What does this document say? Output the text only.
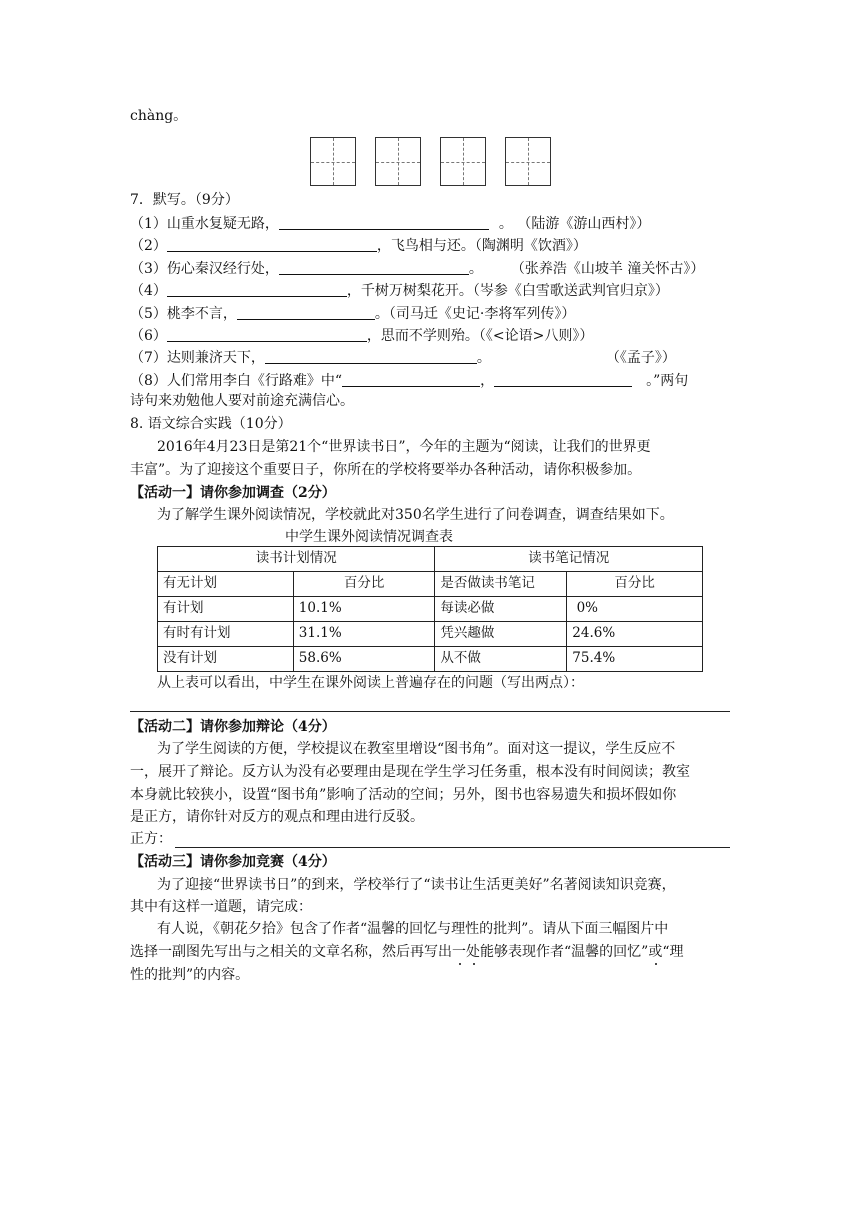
chàng。
7．默写。（9分）
（1）山重水复疑无路，	。 （陆游《游山西村》）
（2）	，飞鸟相与还。（陶渊明《饮酒》）
（3）伤心秦汉经行处，	。 （张养浩《山坡羊 潼关怀古》）
（4）	，千树万树梨花开。（岑参《白雪歌送武判官归京》）
（5）桃李不言，	。（司马迁《史记·李将军列传》）
（6）	，思而不学则殆。（《<论语>八则》）
（7）达则兼济天下，	。	（《孟子》）
（8）人们常用李白《行路难》中“	，	。”两句
诗句来劝勉他人要对前途充满信心。
8. 语文综合实践（10分）
2016年4月23日是第21个“世界读书日”，今年的主题为“阅读，让我们的世界更
丰富”。为了迎接这个重要日子，你所在的学校将要举办各种活动，请你积极参加。
【活动一】请你参加调查（2分）
为了解学生课外阅读情况，学校就此对350名学生进行了问卷调查，调查结果如下。
中学生课外阅读情况调查表
读书计划情况		读书笔记情况	
有无计划	百分比	是否做读书笔记	百分比
有计划	10.1%	每读必做	0%
有时有计划	31.1%	凭兴趣做	24.6%
没有计划	58.6%	从不做	75.4%
从上表可以看出，中学生在课外阅读上普遍存在的问题（写出两点）：
【活动二】请你参加辩论（4分）
为了学生阅读的方便，学校提议在教室里增设“图书角”。面对这一提议，学生反应不
一，展开了辩论。反方认为没有必要理由是现在学生学习任务重，根本没有时间阅读；教室
本身就比较狭小，设置“图书角”影响了活动的空间；另外，图书也容易遗失和损坏假如你
是正方，请你针对反方的观点和理由进行反驳。
正方：
【活动三】请你参加竞赛（4分）
为了迎接“世界读书日”的到来，学校举行了“读书让生活更美好”名著阅读知识竞赛，
其中有这样一道题，请完成：
有人说，《朝花夕拾》包含了作者“温馨的回忆与理性的批判”。请从下面三幅图片中
选择一副图先写出与之相关的文章名称，然后再写出一处能够表现作者“温馨的回忆”或“理
性的批判”的内容。
